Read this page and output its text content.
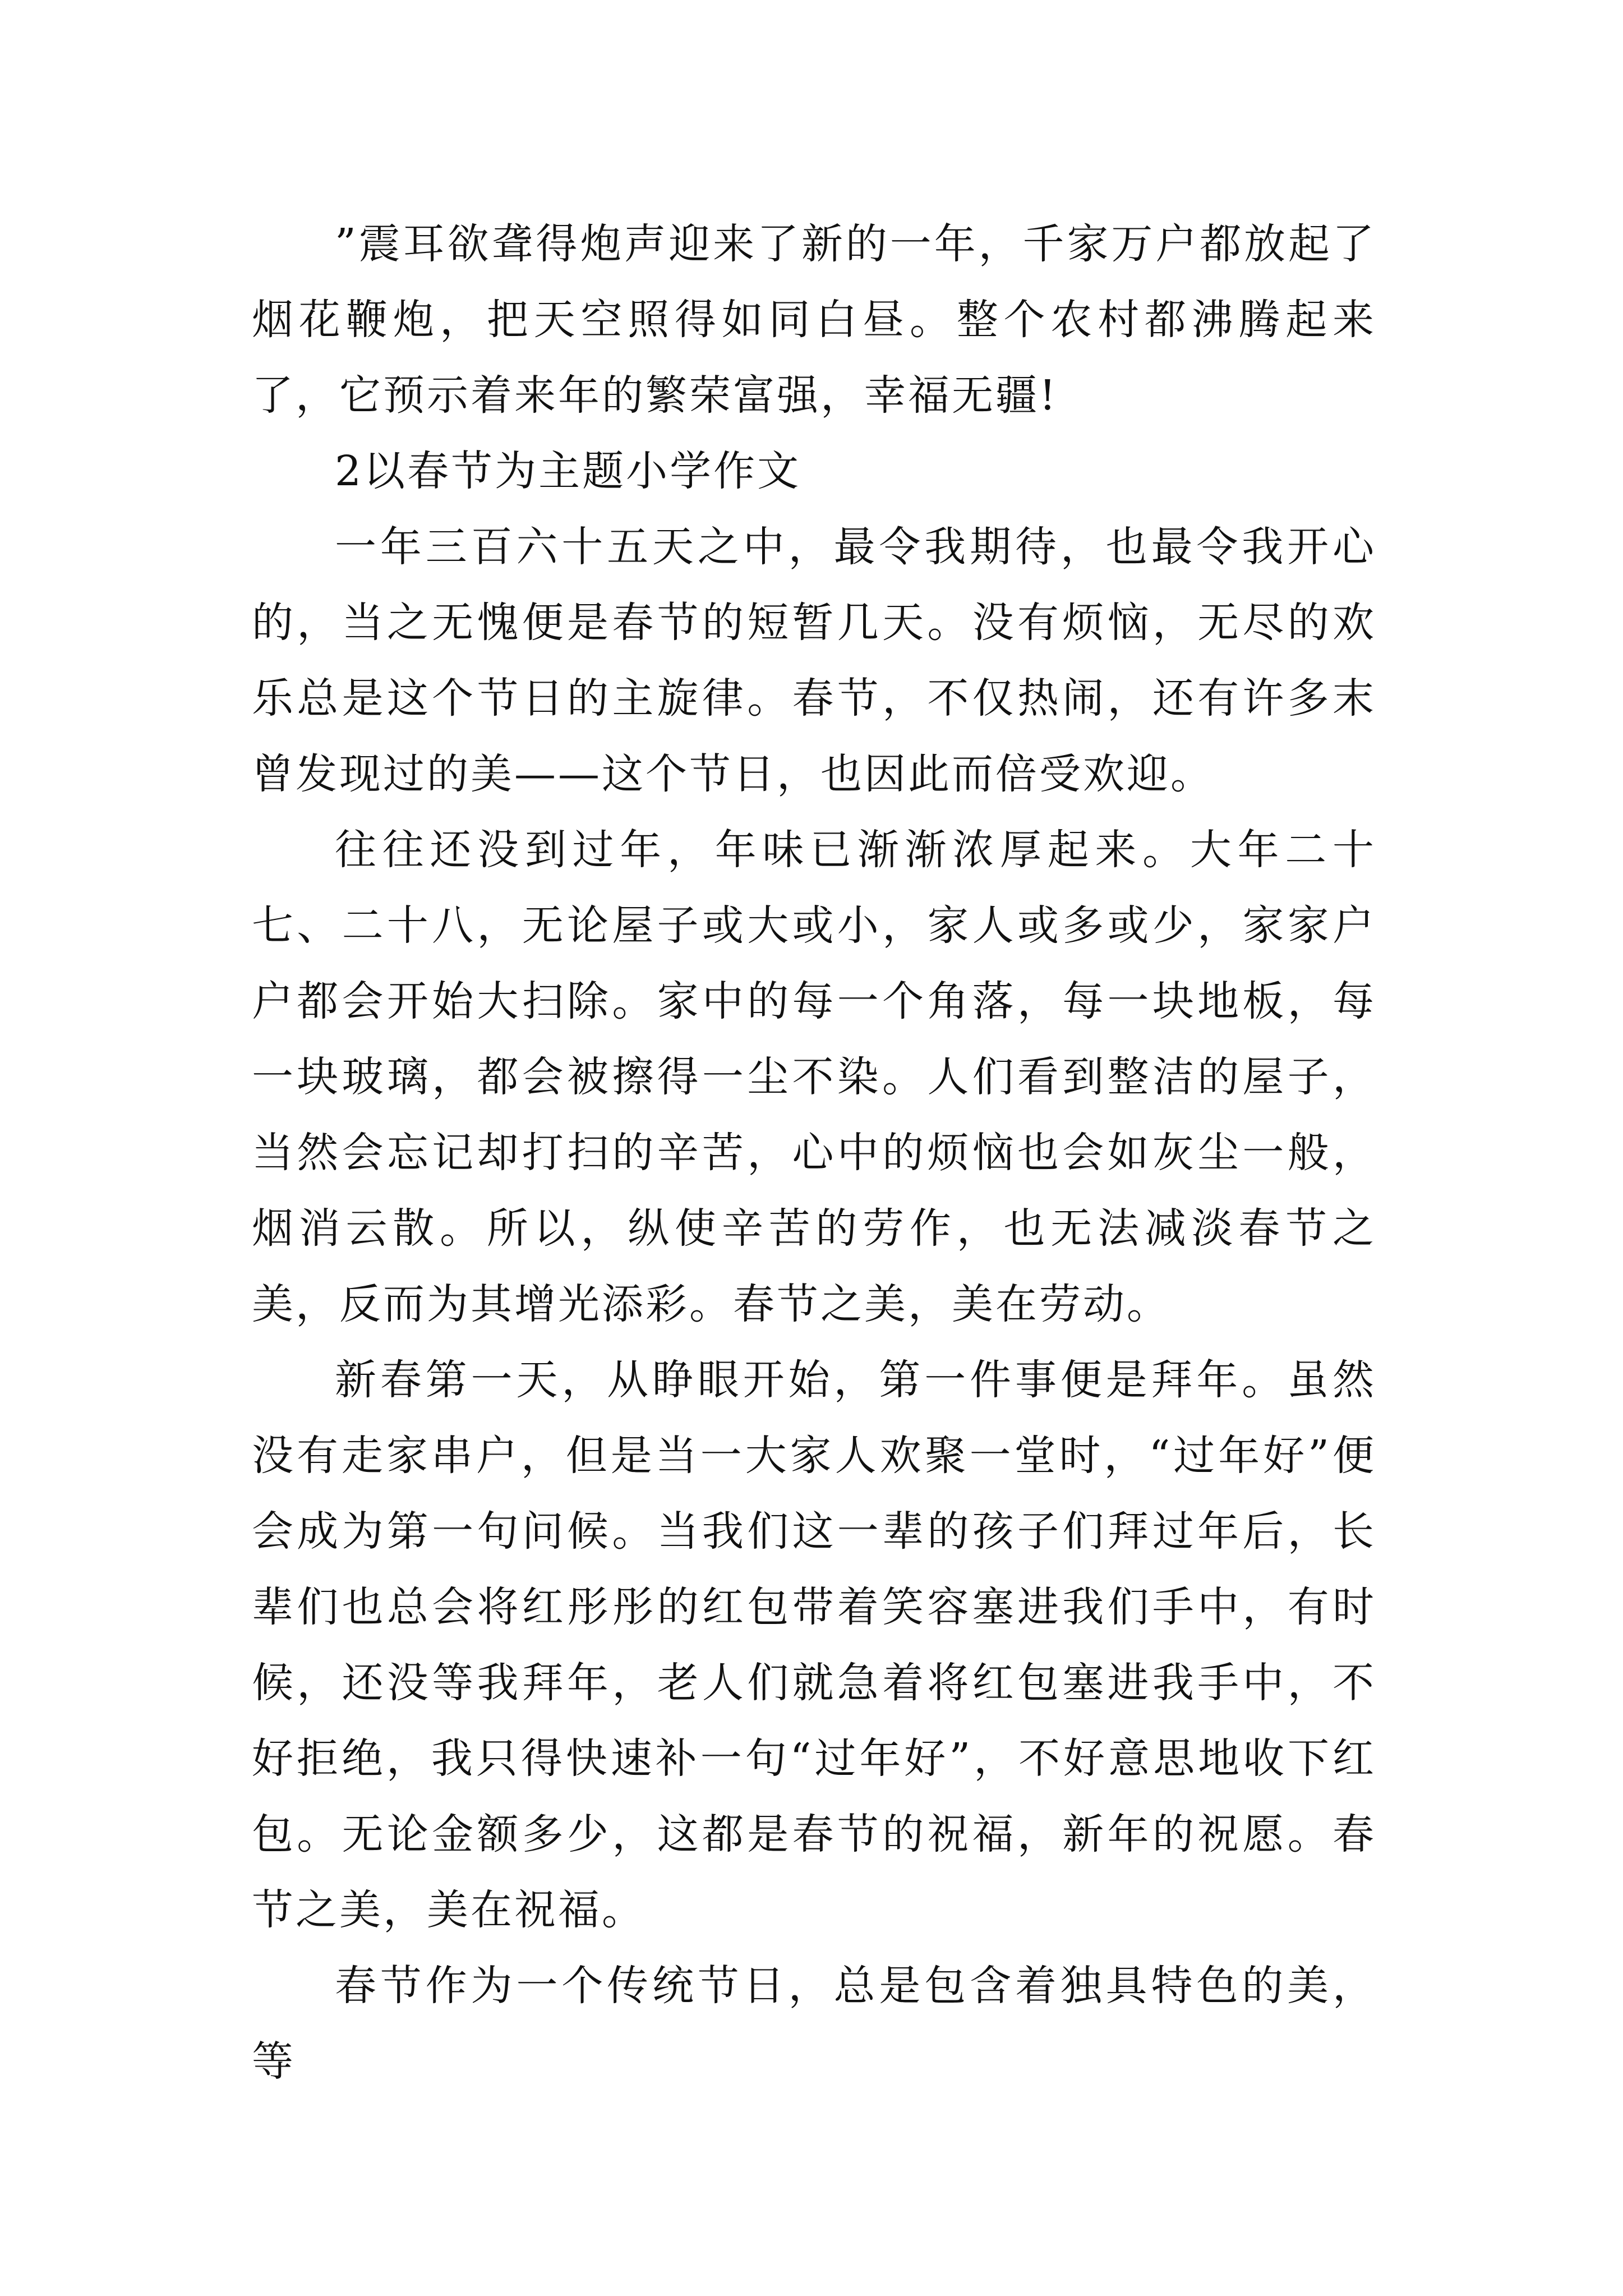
”震耳欲聋得炮声迎来了新的一年，千家万户都放起了烟花鞭炮，把天空照得如同白昼。整个农村都沸腾起来了，它预示着来年的繁荣富强，幸福无疆!

2以春节为主题小学作文

一年三百六十五天之中，最令我期待，也最令我开心的，当之无愧便是春节的短暂几天。没有烦恼，无尽的欢乐总是这个节日的主旋律。春节，不仅热闹，还有许多末曾发现过的美——这个节日，也因此而倍受欢迎。

往往还没到过年，年味已渐渐浓厚起来。大年二十七、二十八，无论屋子或大或小，家人或多或少，家家户户都会开始大扫除。家中的每一个角落，每一块地板，每一块玻璃，都会被擦得一尘不染。人们看到整洁的屋子，当然会忘记却打扫的辛苦，心中的烦恼也会如灰尘一般，烟消云散。所以，纵使辛苦的劳作，也无法减淡春节之美，反而为其增光添彩。春节之美，美在劳动。

新春第一天，从睁眼开始，第一件事便是拜年。虽然没有走家串户，但是当一大家人欢聚一堂时，“过年好”便会成为第一句问候。当我们这一辈的孩子们拜过年后，长辈们也总会将红彤彤的红包带着笑容塞进我们手中，有时候，还没等我拜年，老人们就急着将红包塞进我手中，不好拒绝，我只得快速补一句“过年好”，不好意思地收下红包。无论金额多少，这都是春节的祝福，新年的祝愿。春节之美，美在祝福。

春节作为一个传统节日，总是包含着独具特色的美，等
